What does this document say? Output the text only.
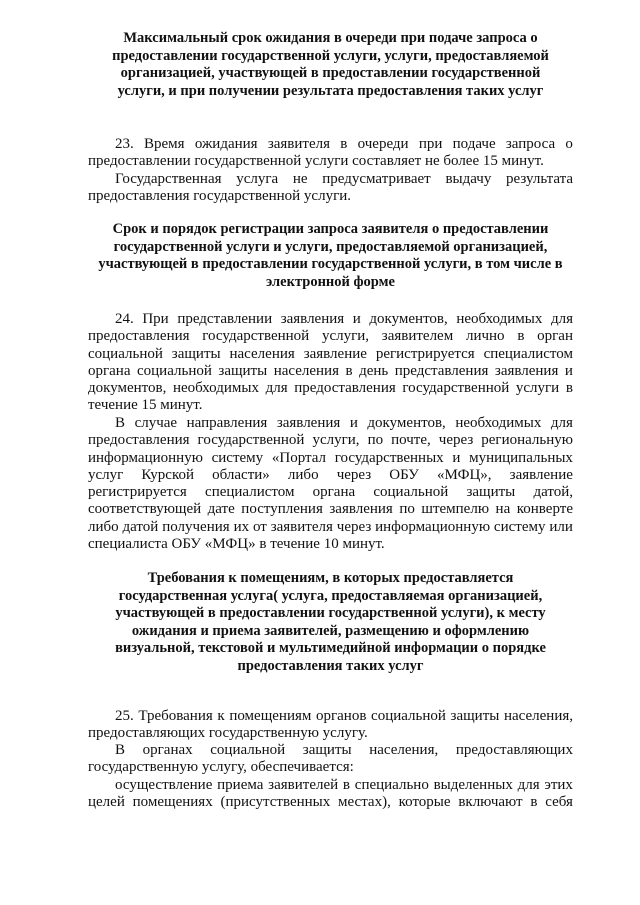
Максимальный срок ожидания в очереди при подаче запроса о
предоставлении государственной услуги, услуги, предоставляемой
организацией, участвующей в предоставлении государственной
услуги, и при получении результата предоставления таких услуг
23. Время ожидания заявителя в очереди при подаче запроса о
предоставлении государственной услуги составляет не более 15 минут.
Государственная услуга не предусматривает выдачу результата
предоставления государственной услуги.
Срок и порядок регистрации запроса заявителя о предоставлении
государственной услуги и услуги, предоставляемой организацией,
участвующей в предоставлении государственной услуги, в том числе в
электронной форме
24. При представлении заявления и документов, необходимых для
предоставления государственной услуги, заявителем лично в орган
социальной защиты населения заявление регистрируется специалистом
органа социальной защиты населения в день представления заявления и
документов, необходимых для предоставления государственной услуги в
течение 15 минут.
В случае направления заявления и документов, необходимых для
предоставления государственной услуги, по почте, через региональную
информационную систему «Портал государственных и муниципальных
услуг Курской области» либо через ОБУ «МФЦ», заявление
регистрируется специалистом органа социальной защиты датой,
соответствующей дате поступления заявления по штемпелю на конверте
либо датой получения их от заявителя через информационную систему или
специалиста ОБУ «МФЦ» в течение 10 минут.
Требования к помещениям, в которых предоставляется
государственная услуга( услуга, предоставляемая организацией,
участвующей в предоставлении государственной услуги), к месту
ожидания и приема заявителей, размещению и оформлению
визуальной, текстовой и мультимедийной информации о порядке
предоставления таких услуг
25. Требования к помещениям органов социальной защиты населения,
предоставляющих государственную услугу.
В органах социальной защиты населения, предоставляющих
государственную услугу, обеспечивается:
осуществление приема заявителей в специально выделенных для этих
целей помещениях (присутственных местах), которые включают в себя
